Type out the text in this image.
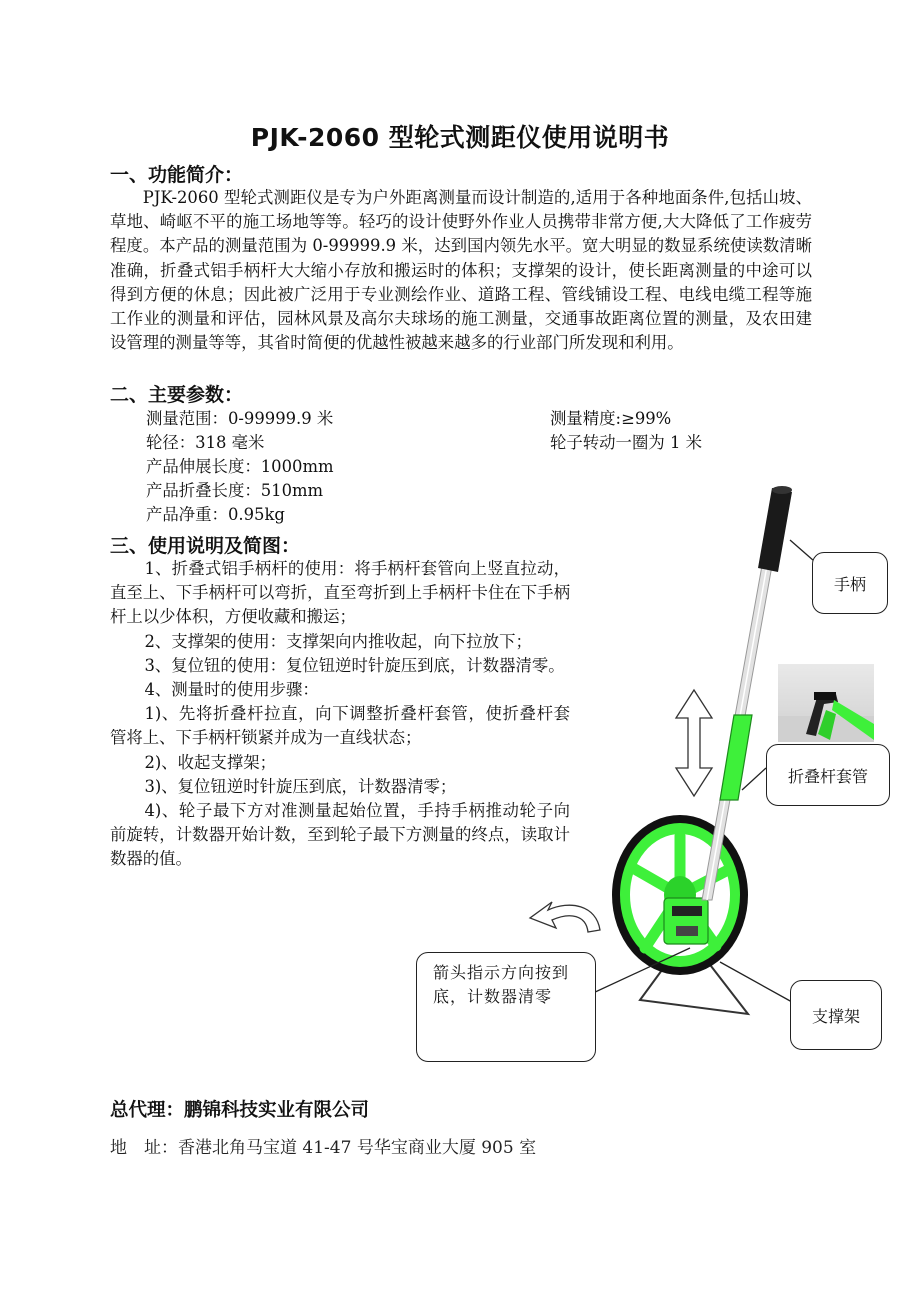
PJK-2060 型轮式测距仪使用说明书
一、功能简介：

PJK-2060 型轮式测距仪是专为户外距离测量而设计制造的,适用于各种地面条件,包括山坡、草地、崎岖不平的施工场地等等。轻巧的设计使野外作业人员携带非常方便,大大降低了工作疲劳程度。本产品的测量范围为 0-99999.9 米，达到国内领先水平。宽大明显的数显系统使读数清晰准确，折叠式铝手柄杆大大缩小存放和搬运时的体积；支撑架的设计，使长距离测量的中途可以得到方便的休息；因此被广泛用于专业测绘作业、道路工程、管线铺设工程、电线电缆工程等施工作业的测量和评估，园林风景及高尔夫球场的施工测量，交通事故距离位置的测量，及农田建设管理的测量等等，其省时简便的优越性被越来越多的行业部门所发现和利用。

二、主要参数：
测量范围：0-99999.9 米
轮径：318 毫米
产品伸展长度：1000mm
产品折叠长度：510mm
产品净重：0.95kg
测量精度:≥99%
轮子转动一圈为 1 米
三、使用说明及简图：

1、折叠式铝手柄杆的使用：将手柄杆套管向上竖直拉动，直至上、下手柄杆可以弯折，直至弯折到上手柄杆卡住在下手柄杆上以少体积，方便收藏和搬运；

2、支撑架的使用：支撑架向内推收起，向下拉放下；

3、复位钮的使用：复位钮逆时针旋压到底，计数器清零。

4、测量时的使用步骤：

1)、先将折叠杆拉直，向下调整折叠杆套管，使折叠杆套管将上、下手柄杆锁紧并成为一直线状态；

2)、收起支撑架；

3)、复位钮逆时针旋压到底，计数器清零；

4)、轮子最下方对准测量起始位置，手持手柄推动轮子向前旋转，计数器开始计数，至到轮子最下方测量的终点，读取计数器的值。

手柄
折叠杆套管
箭头指示方向按到底，计数器清零
支撑架
总代理：鹏锦科技实业有限公司
地　址：香港北角马宝道 41-47 号华宝商业大厦 905 室
